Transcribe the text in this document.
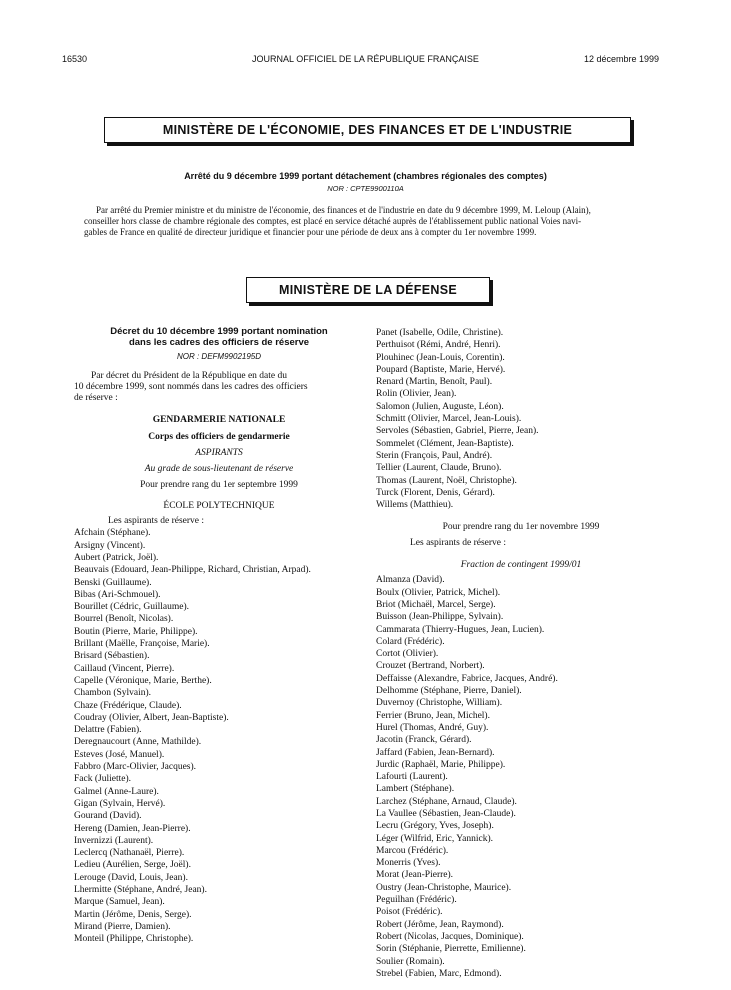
16530	JOURNAL OFFICIEL DE LA RÉPUBLIQUE FRANÇAISE	12 décembre 1999
MINISTÈRE DE L'ÉCONOMIE, DES FINANCES ET DE L'INDUSTRIE
Arrêté du 9 décembre 1999 portant détachement (chambres régionales des comptes)
NOR : CPTE9900110A
Par arrêté du Premier ministre et du ministre de l'économie, des finances et de l'industrie en date du 9 décembre 1999, M. Leloup (Alain),
conseiller hors classe de chambre régionale des comptes, est placé en service détaché auprès de l'établissement public national Voies navi-
gables de France en qualité de directeur juridique et financier pour une période de deux ans à compter du 1er novembre 1999.
MINISTÈRE DE LA DÉFENSE
Décret du 10 décembre 1999 portant nomination
dans les cadres des officiers de réserve
NOR : DEFM9902195D
Par décret du Président de la République en date du
10 décembre 1999, sont nommés dans les cadres des officiers
de réserve :
GENDARMERIE NATIONALE
Corps des officiers de gendarmerie
ASPIRANTS
Au grade de sous-lieutenant de réserve
Pour prendre rang du 1er septembre 1999
ÉCOLE POLYTECHNIQUE
Les aspirants de réserve :
Afchain (Stéphane).
Arsigny (Vincent).
Aubert (Patrick, Joël).
Beauvais (Edouard, Jean-Philippe, Richard, Christian, Arpad).
Benski (Guillaume).
Bibas (Ari-Schmouel).
Bourillet (Cédric, Guillaume).
Bourrel (Benoît, Nicolas).
Boutin (Pierre, Marie, Philippe).
Brillant (Maëlle, Françoise, Marie).
Brisard (Sébastien).
Caillaud (Vincent, Pierre).
Capelle (Véronique, Marie, Berthe).
Chambon (Sylvain).
Chaze (Frédérique, Claude).
Coudray (Olivier, Albert, Jean-Baptiste).
Delattre (Fabien).
Deregnaucourt (Anne, Mathilde).
Esteves (José, Manuel).
Fabbro (Marc-Olivier, Jacques).
Fack (Juliette).
Galmel (Anne-Laure).
Gigan (Sylvain, Hervé).
Gourand (David).
Hereng (Damien, Jean-Pierre).
Invernizzi (Laurent).
Leclercq (Nathanaël, Pierre).
Ledieu (Aurélien, Serge, Joël).
Lerouge (David, Louis, Jean).
Lhermitte (Stéphane, André, Jean).
Marque (Samuel, Jean).
Martin (Jérôme, Denis, Serge).
Mirand (Pierre, Damien).
Monteil (Philippe, Christophe).
Panet (Isabelle, Odile, Christine).
Perthuisot (Rémi, André, Henri).
Plouhinec (Jean-Louis, Corentin).
Poupard (Baptiste, Marie, Hervé).
Renard (Martin, Benoît, Paul).
Rolin (Olivier, Jean).
Salomon (Julien, Auguste, Léon).
Schmitt (Olivier, Marcel, Jean-Louis).
Servoles (Sébastien, Gabriel, Pierre, Jean).
Sommelet (Clément, Jean-Baptiste).
Sterin (François, Paul, André).
Tellier (Laurent, Claude, Bruno).
Thomas (Laurent, Noël, Christophe).
Turck (Florent, Denis, Gérard).
Willems (Matthieu).
Pour prendre rang du 1er novembre 1999
Les aspirants de réserve :
Fraction de contingent 1999/01
Almanza (David).
Boulx (Olivier, Patrick, Michel).
Briot (Michaël, Marcel, Serge).
Buisson (Jean-Philippe, Sylvain).
Cammarata (Thierry-Hugues, Jean, Lucien).
Colard (Frédéric).
Cortot (Olivier).
Crouzet (Bertrand, Norbert).
Deffaisse (Alexandre, Fabrice, Jacques, André).
Delhomme (Stéphane, Pierre, Daniel).
Duvernoy (Christophe, William).
Ferrier (Bruno, Jean, Michel).
Hurel (Thomas, André, Guy).
Jacotin (Franck, Gérard).
Jaffard (Fabien, Jean-Bernard).
Jurdic (Raphaël, Marie, Philippe).
Lafourti (Laurent).
Lambert (Stéphane).
Larchez (Stéphane, Arnaud, Claude).
La Vaullee (Sébastien, Jean-Claude).
Lecru (Grégory, Yves, Joseph).
Léger (Wilfrid, Eric, Yannick).
Marcou (Frédéric).
Monerris (Yves).
Morat (Jean-Pierre).
Oustry (Jean-Christophe, Maurice).
Peguilhan (Frédéric).
Poisot (Frédéric).
Robert (Jérôme, Jean, Raymond).
Robert (Nicolas, Jacques, Dominique).
Sorin (Stéphanie, Pierrette, Emilienne).
Soulier (Romain).
Strebel (Fabien, Marc, Edmond).
